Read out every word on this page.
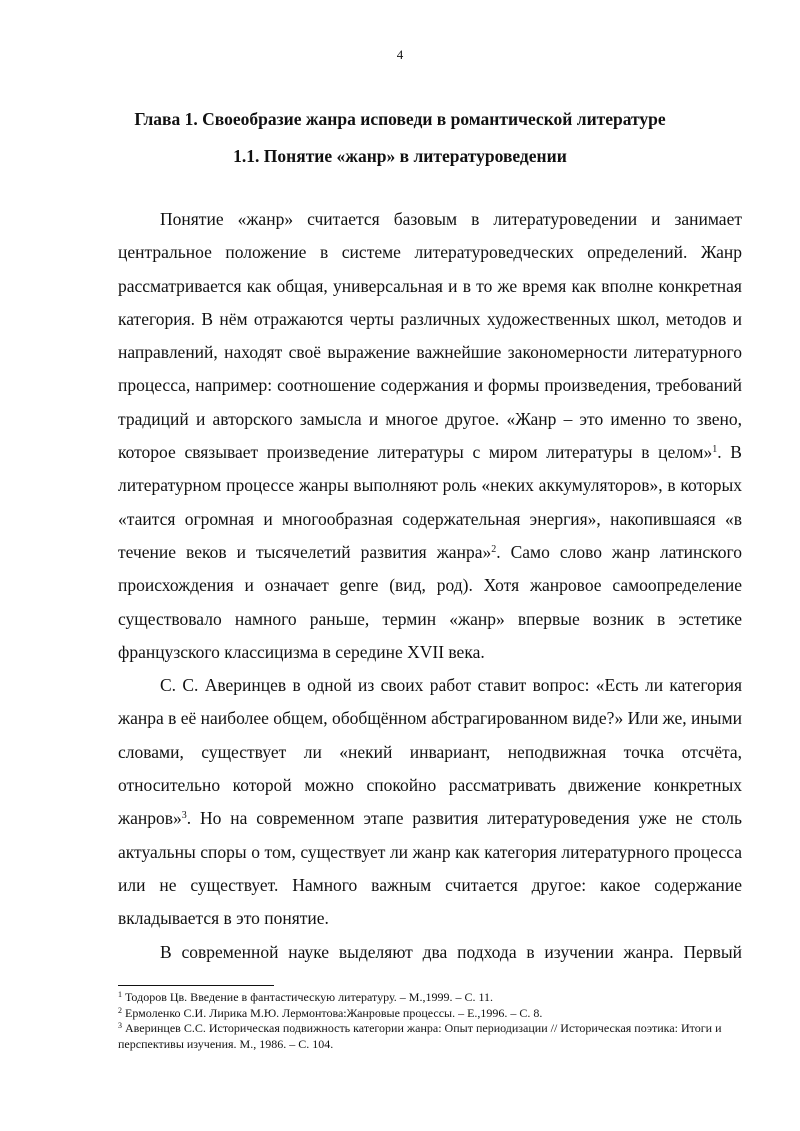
4
Глава 1. Своеобразие жанра исповеди в романтической литературе
1.1. Понятие «жанр» в литературоведении

Понятие «жанр» считается базовым в литературоведении и занимает центральное положение в системе литературоведческих определений. Жанр рассматривается как общая, универсальная и в то же время как вполне конкретная категория. В нём отражаются черты различных художественных школ, методов и направлений, находят своё выражение важнейшие закономерности литературного процесса, например: соотношение содержания и формы произведения, требований традиций и авторского замысла и многое другое. «Жанр – это именно то звено, которое связывает произведение литературы с миром литературы в целом»$^1$. В литературном процессе жанры выполняют роль «неких аккумуляторов», в которых «таится огромная и многообразная содержательная энергия», накопившаяся «в течение веков и тысячелетий развития жанра»$^2$. Само слово жанр латинского происхождения и означает genre (вид, род). Хотя жанровое самоопределение существовало намного раньше, термин «жанр» впервые возник в эстетике французского классицизма в середине XVII века.

С. С. Аверинцев в одной из своих работ ставит вопрос: «Есть ли категория жанра в её наиболее общем, обобщённом абстрагированном виде?» Или же, иными словами, существует ли «некий инвариант, неподвижная точка отсчёта, относительно которой можно спокойно рассматривать движение конкретных жанров»$^3$. Но на современном этапе развития литературоведения уже не столь актуальны споры о том, существует ли жанр как категория литературного процесса или не существует. Намного важным считается другое: какое содержание вкладывается в это понятие.

В современной науке выделяют два подхода в изучении жанра. Первый

$^1$ Тодоров Цв. Введение в фантастическую литературу. – М.,1999. – С. 11.

$^2$ Ермоленко С.И. Лирика М.Ю. Лермонтова:Жанровые процессы. – Е.,1996. – С. 8.

$^3$ Аверинцев С.С. Историческая подвижность категории жанра: Опыт периодизации // Историческая поэтика: Итоги и перспективы изучения. М., 1986. – С. 104.
